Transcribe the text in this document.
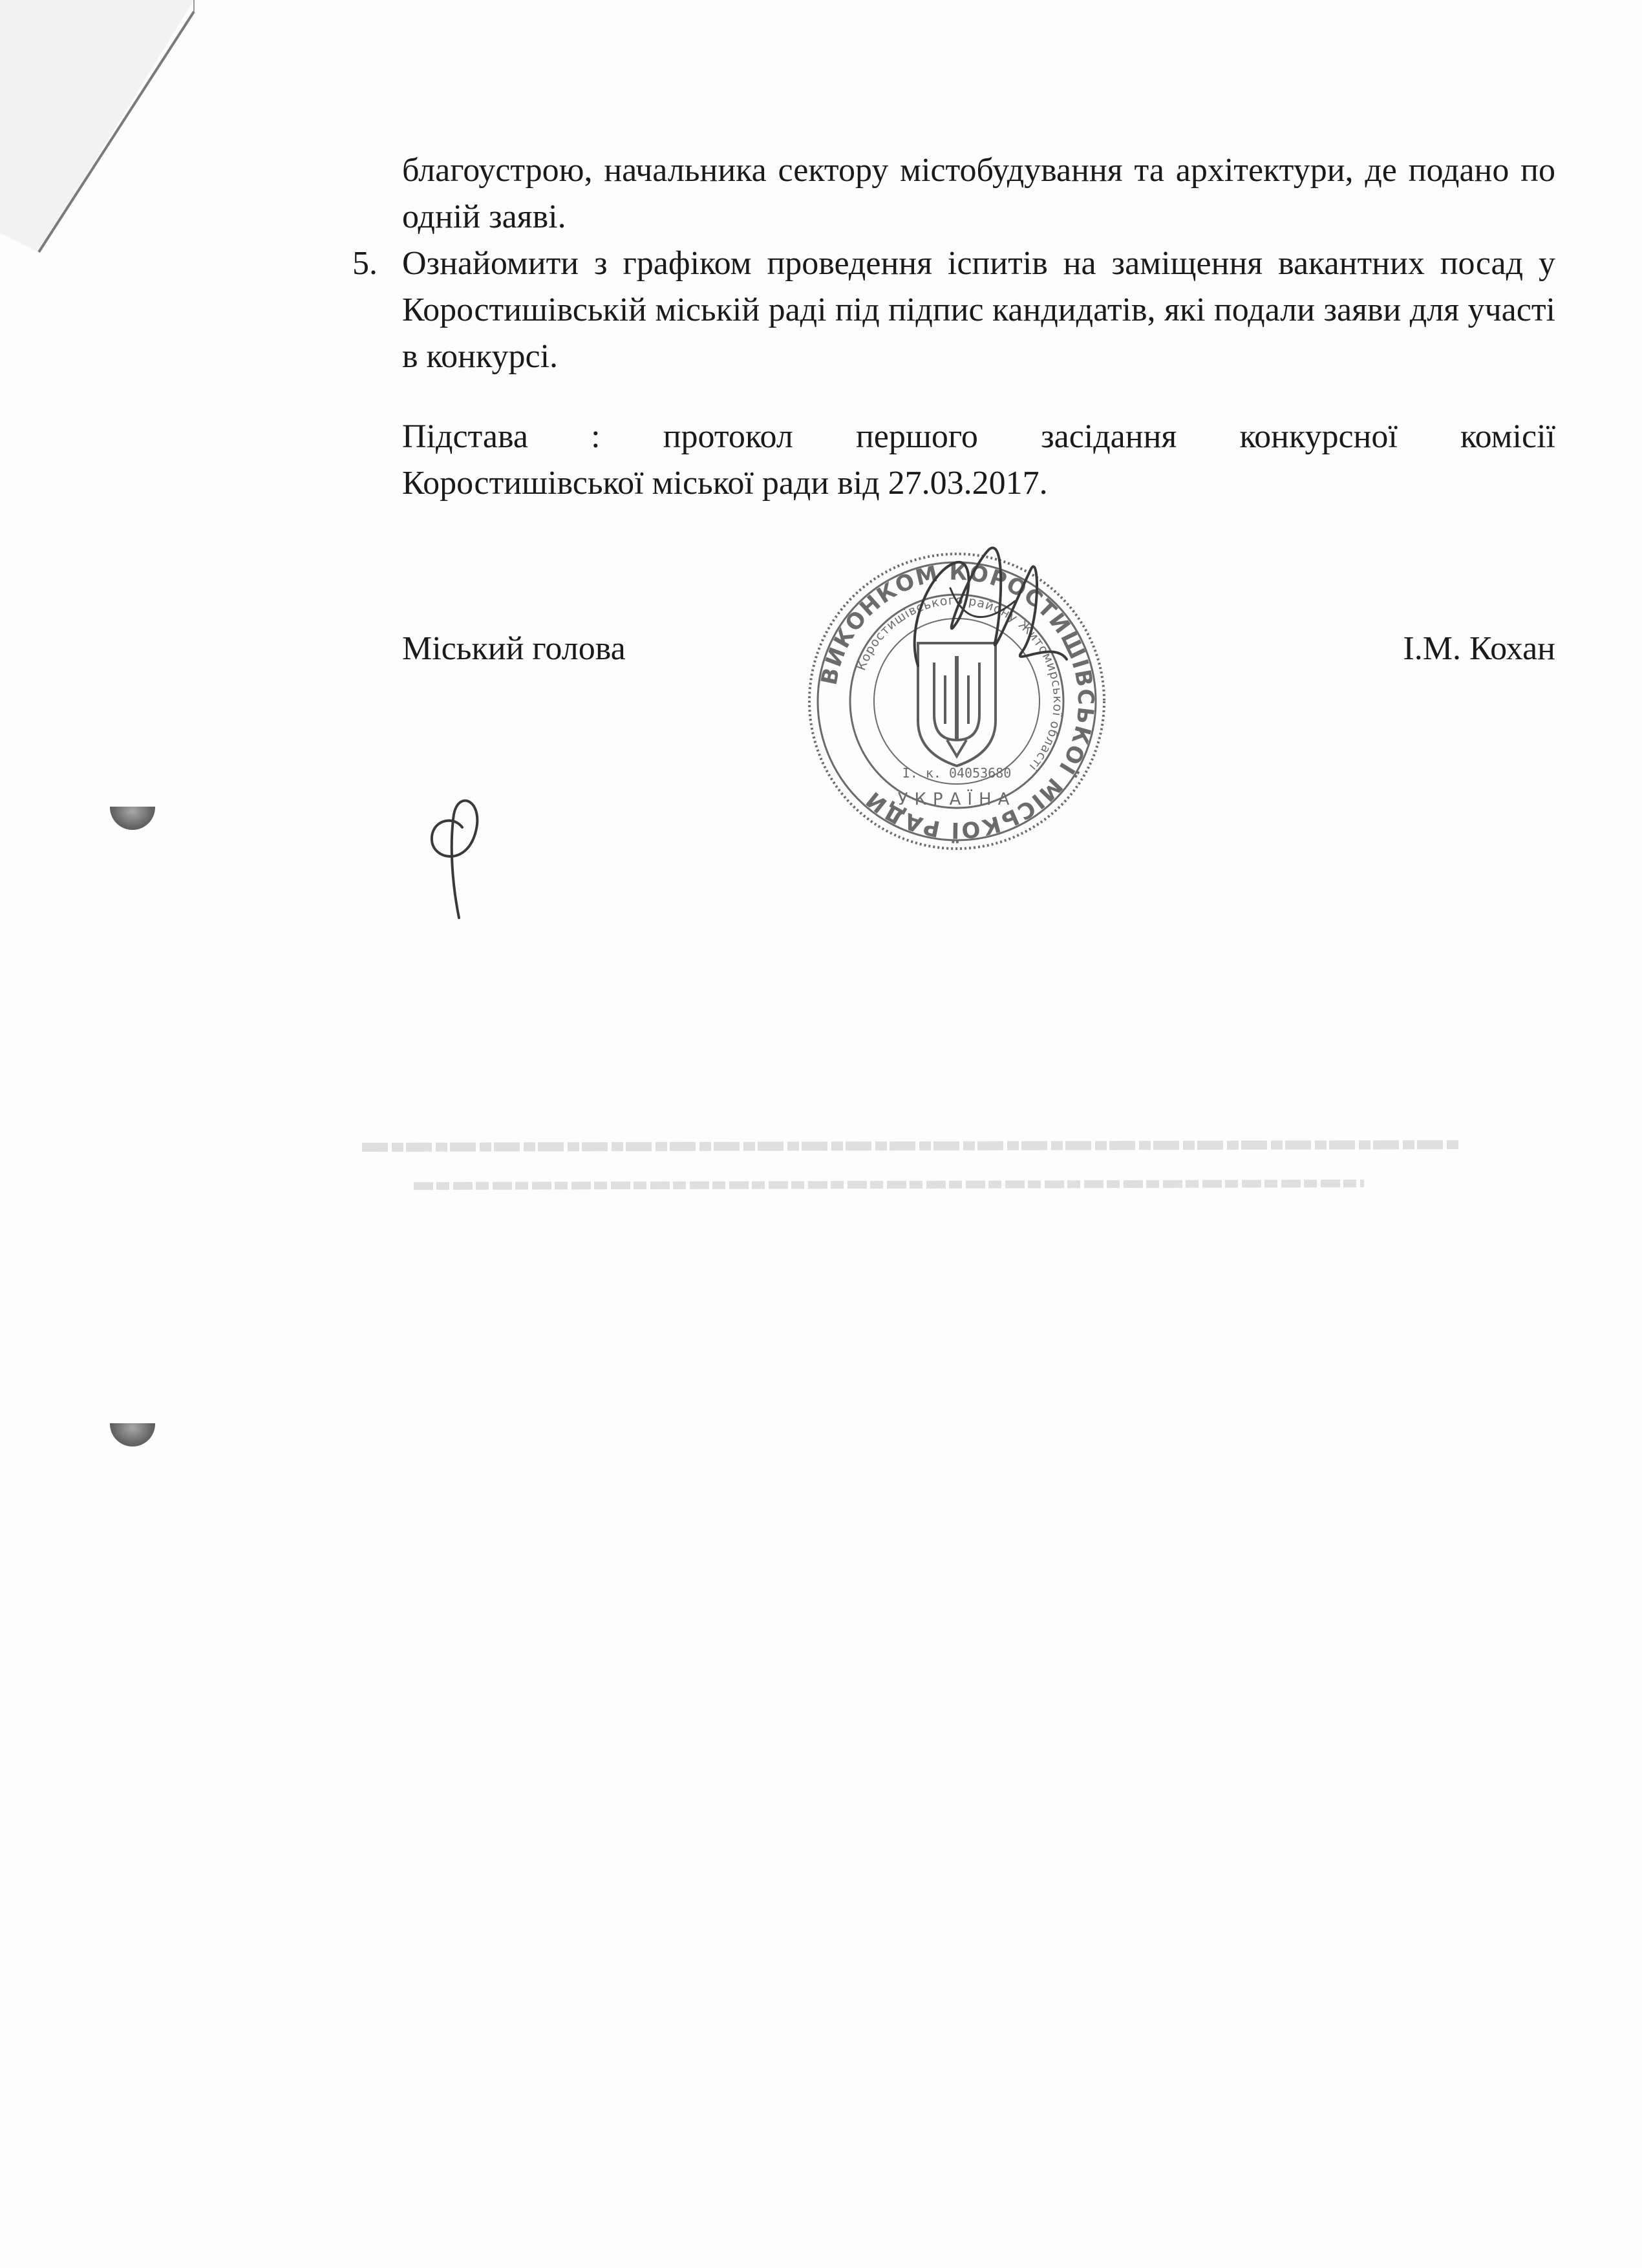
благоустрою, начальника сектору містобудування та архітектури, де подано по одній заяві.
5. Ознайомити з графіком проведення іспитів на заміщення вакантних посад у Коростишівській міській раді під підпис кандидатів, які подали заяви для участі в конкурсі.
Підстава : протокол першого засідання конкурсної комісії
Коростишівської міської ради від 27.03.2017.
ВИКОНКОМ КОРОСТИШІВСЬКОЇ МІСЬКОЇ РАДИ
Коростишівського району Житомирської області
І. к. 04053680
УКРАЇНА
Міський голова	І.М. Кохан
